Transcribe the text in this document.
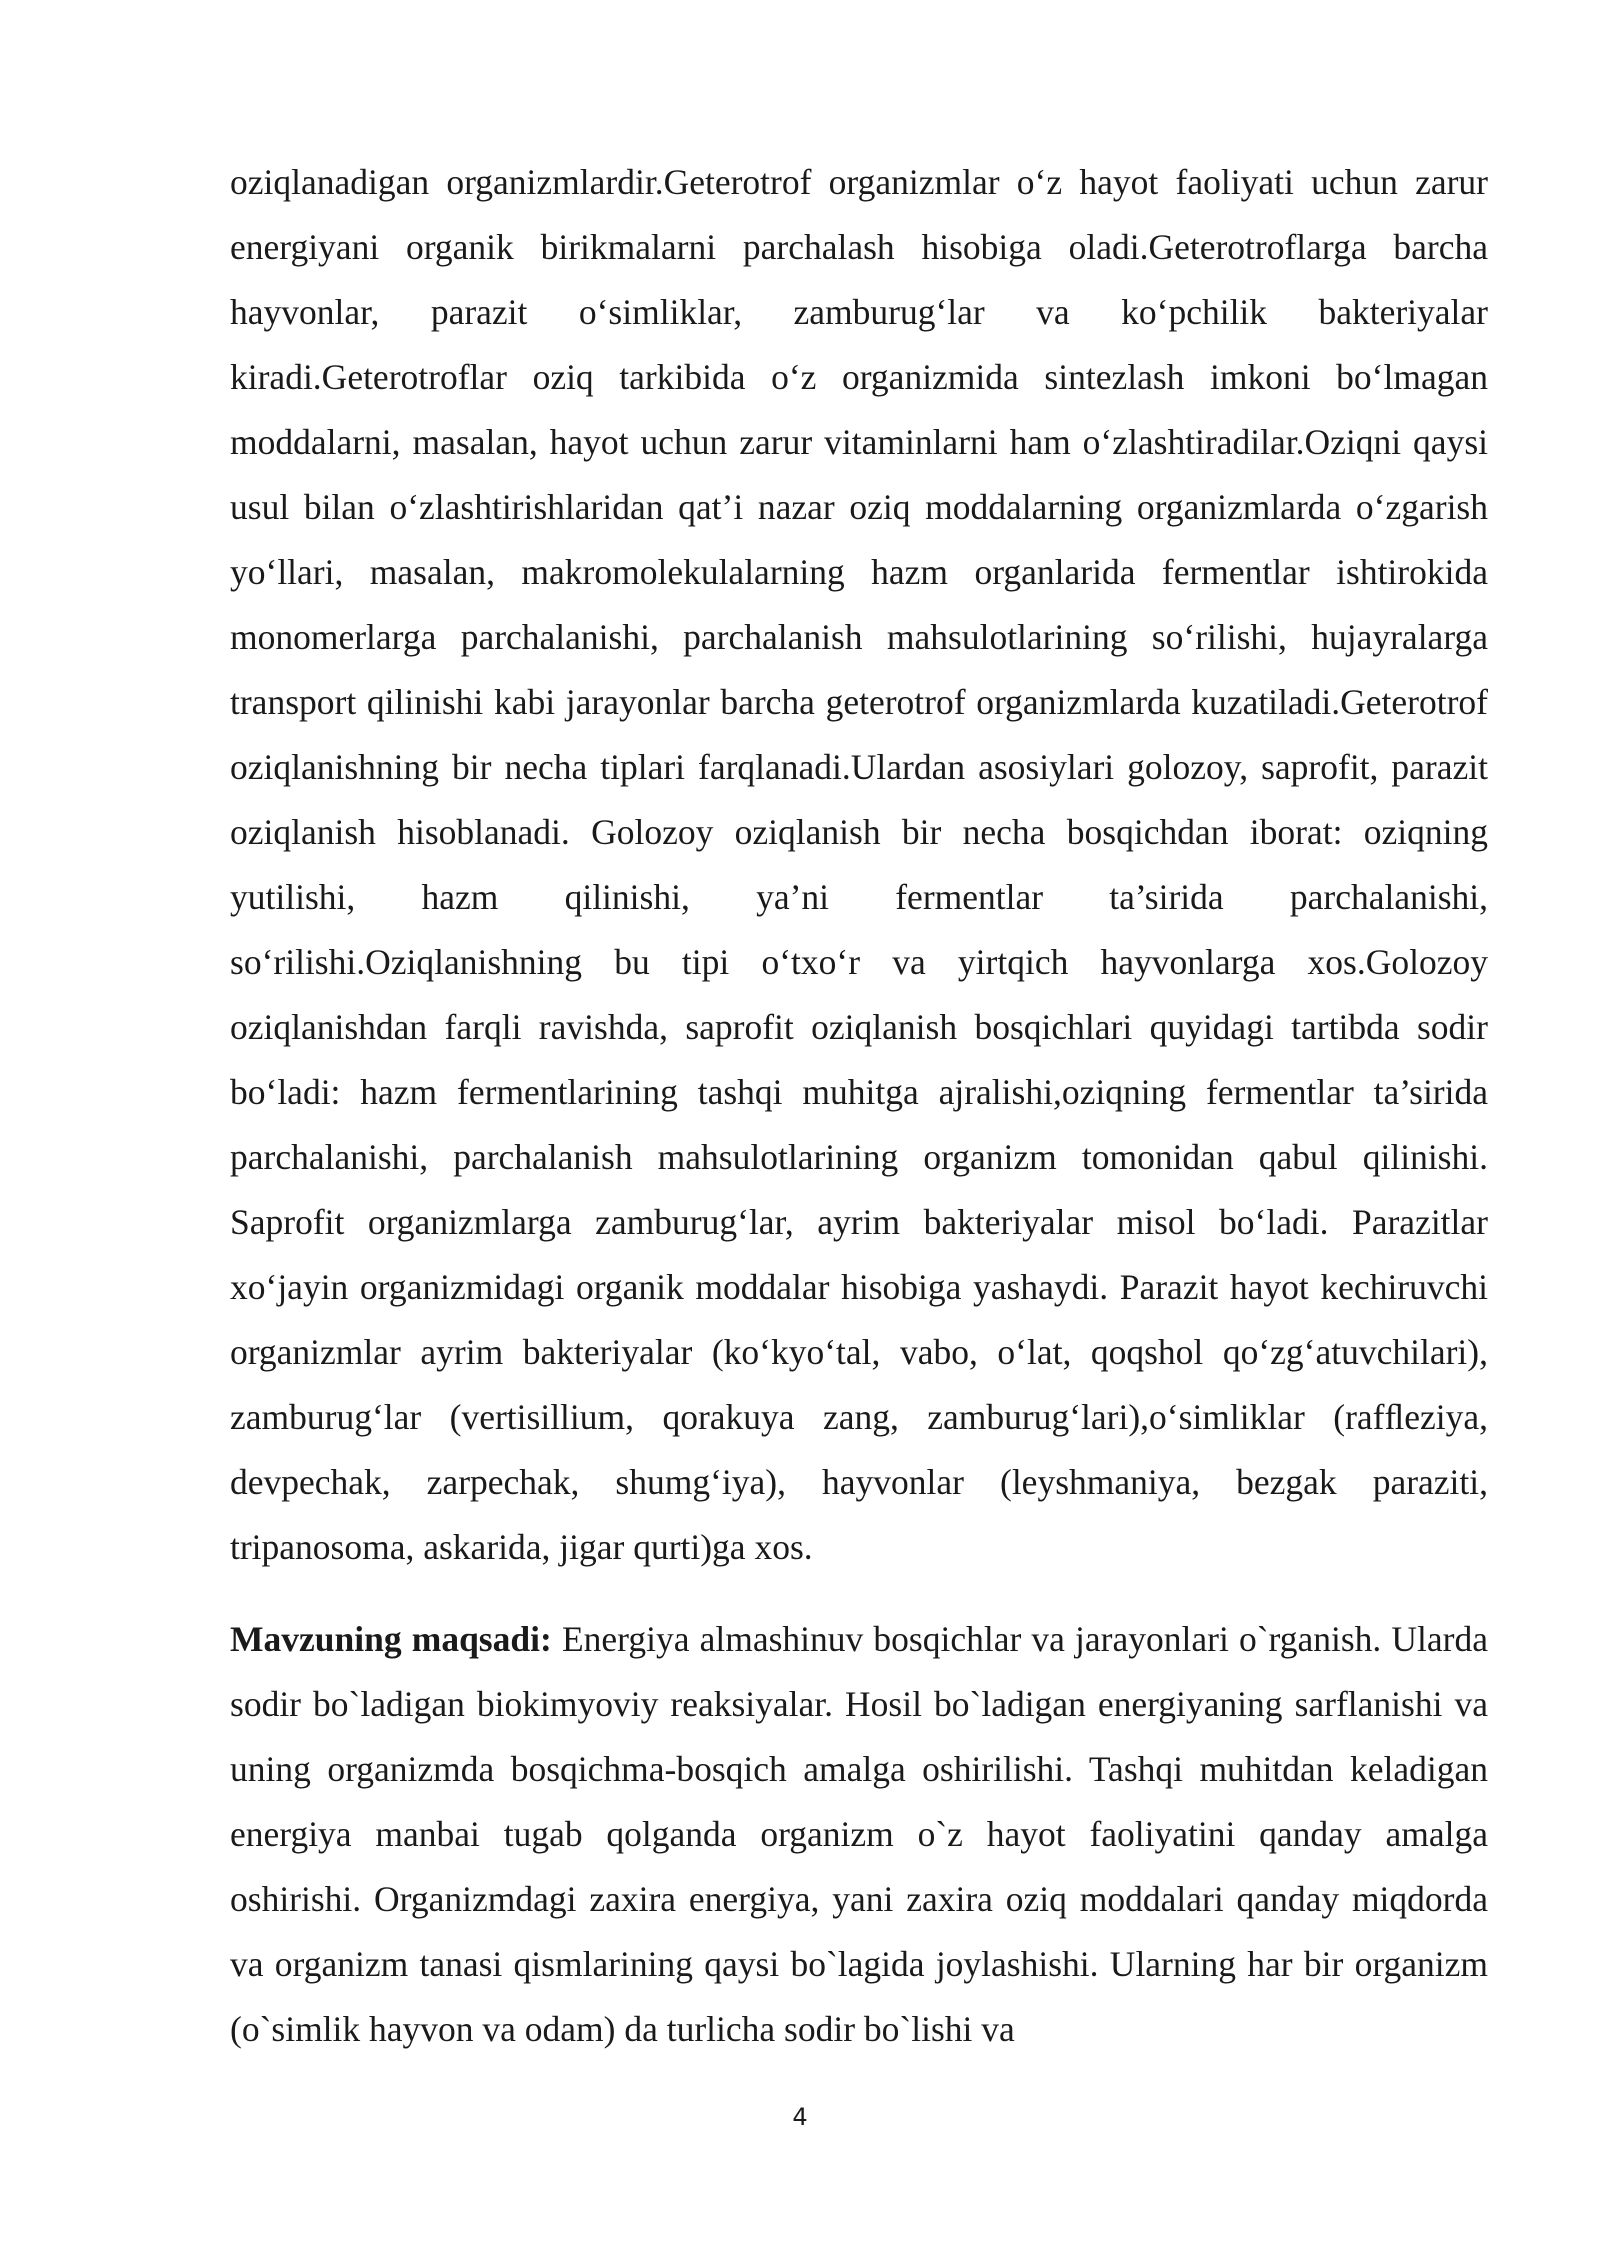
oziqlanadigan organizmlardir.Geterotrof organizmlar o‘z hayot faoliyati uchun zarur energiyani organik birikmalarni parchalash hisobiga oladi.Geterotroflarga barcha hayvonlar, parazit o‘simliklar, zamburug‘lar va ko‘pchilik bakteriyalar kiradi.Geterotroflar oziq tarkibida o‘z organizmida sintezlash imkoni bo‘lmagan moddalarni, masalan, hayot uchun zarur vitaminlarni ham o‘zlashtiradilar.Oziqni qaysi usul bilan o‘zlashtirishlaridan qat’i nazar oziq moddalarning organizmlarda o‘zgarish yo‘llari, masalan, makromolekulalarning hazm organlarida fermentlar ishtirokida monomerlarga parchalanishi, parchalanish mahsulotlarining so‘rilishi, hujayralarga transport qilinishi kabi jarayonlar barcha geterotrof organizmlarda kuzatiladi.Geterotrof oziqlanishning bir necha tiplari farqlanadi.Ulardan asosiylari golozoy, saprofit, parazit oziqlanish hisoblanadi. Golozoy oziqlanish bir necha bosqichdan iborat: oziqning yutilishi, hazm qilinishi, ya’ni fermentlar ta’sirida parchalanishi, so‘rilishi.Oziqlanishning bu tipi o‘txo‘r va yirtqich hayvonlarga xos.Golozoy oziqlanishdan farqli ravishda, saprofit oziqlanish bosqichlari quyidagi tartibda sodir bo‘ladi: hazm fermentlarining tashqi muhitga ajralishi,oziqning fermentlar ta’sirida parchalanishi, parchalanish mahsulotlarining organizm tomonidan qabul qilinishi. Saprofit organizmlarga zamburug‘lar, ayrim bakteriyalar misol bo‘ladi. Parazitlar xo‘jayin organizmidagi organik moddalar hisobiga yashaydi. Parazit hayot kechiruvchi organizmlar ayrim bakteriyalar (ko‘kyo‘tal, vabo, o‘lat, qoqshol qo‘zg‘atuvchilari), zamburug‘lar (vertisillium, qorakuya zang, zamburug‘lari),o‘simliklar (rafﬂeziya, devpechak, zarpechak, shumg‘iya), hayvonlar (leyshmaniya, bezgak paraziti, tripanosoma, askarida, jigar qurti)ga xos.

Mavzuning maqsadi: Energiya almashinuv bosqichlar va jarayonlari o`rganish. Ularda sodir bo`ladigan biokimyoviy reaksiyalar. Hosil bo`ladigan energiyaning sarflanishi va uning organizmda bosqichma-bosqich amalga oshirilishi. Tashqi muhitdan keladigan energiya manbai tugab qolganda organizm o`z hayot faoliyatini qanday amalga oshirishi. Organizmdagi zaxira energiya, yani zaxira oziq moddalari qanday miqdorda va organizm tanasi qismlarining qaysi bo`lagida joylashishi. Ularning har bir organizm (o`simlik hayvon va odam) da turlicha sodir bo`lishi va

4
